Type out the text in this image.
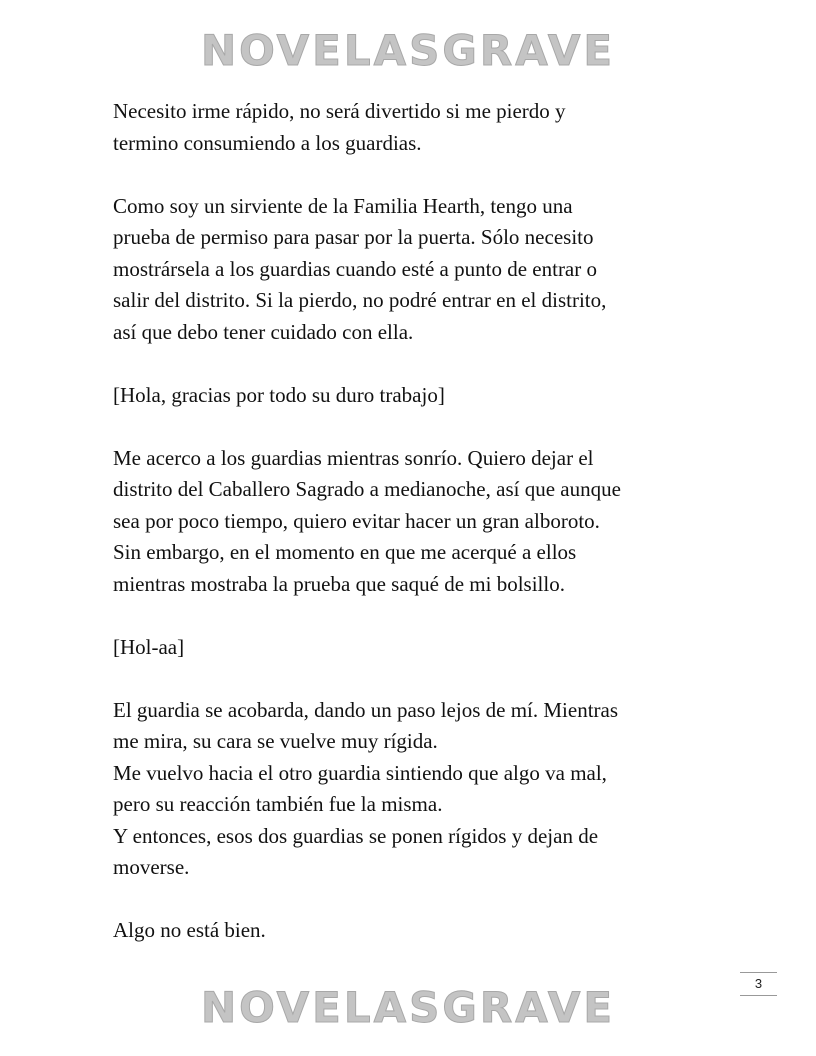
NOVELASGRAVE

Necesito irme rápido, no será divertido si me pierdo y
termino consumiendo a los guardias.

Como soy un sirviente de la Familia Hearth, tengo una
prueba de permiso para pasar por la puerta. Sólo necesito
mostrársela a los guardias cuando esté a punto de entrar o
salir del distrito. Si la pierdo, no podré entrar en el distrito,
así que debo tener cuidado con ella.

[Hola, gracias por todo su duro trabajo]

Me acerco a los guardias mientras sonrío. Quiero dejar el
distrito del Caballero Sagrado a medianoche, así que aunque
sea por poco tiempo, quiero evitar hacer un gran alboroto.
Sin embargo, en el momento en que me acerqué a ellos
mientras mostraba la prueba que saqué de mi bolsillo.

[Hol-aa]

El guardia se acobarda, dando un paso lejos de mí. Mientras
me mira, su cara se vuelve muy rígida.
Me vuelvo hacia el otro guardia sintiendo que algo va mal,
pero su reacción también fue la misma.
Y entonces, esos dos guardias se ponen rígidos y dejan de
moverse.

Algo no está bien.

3
NOVELASGRAVE
